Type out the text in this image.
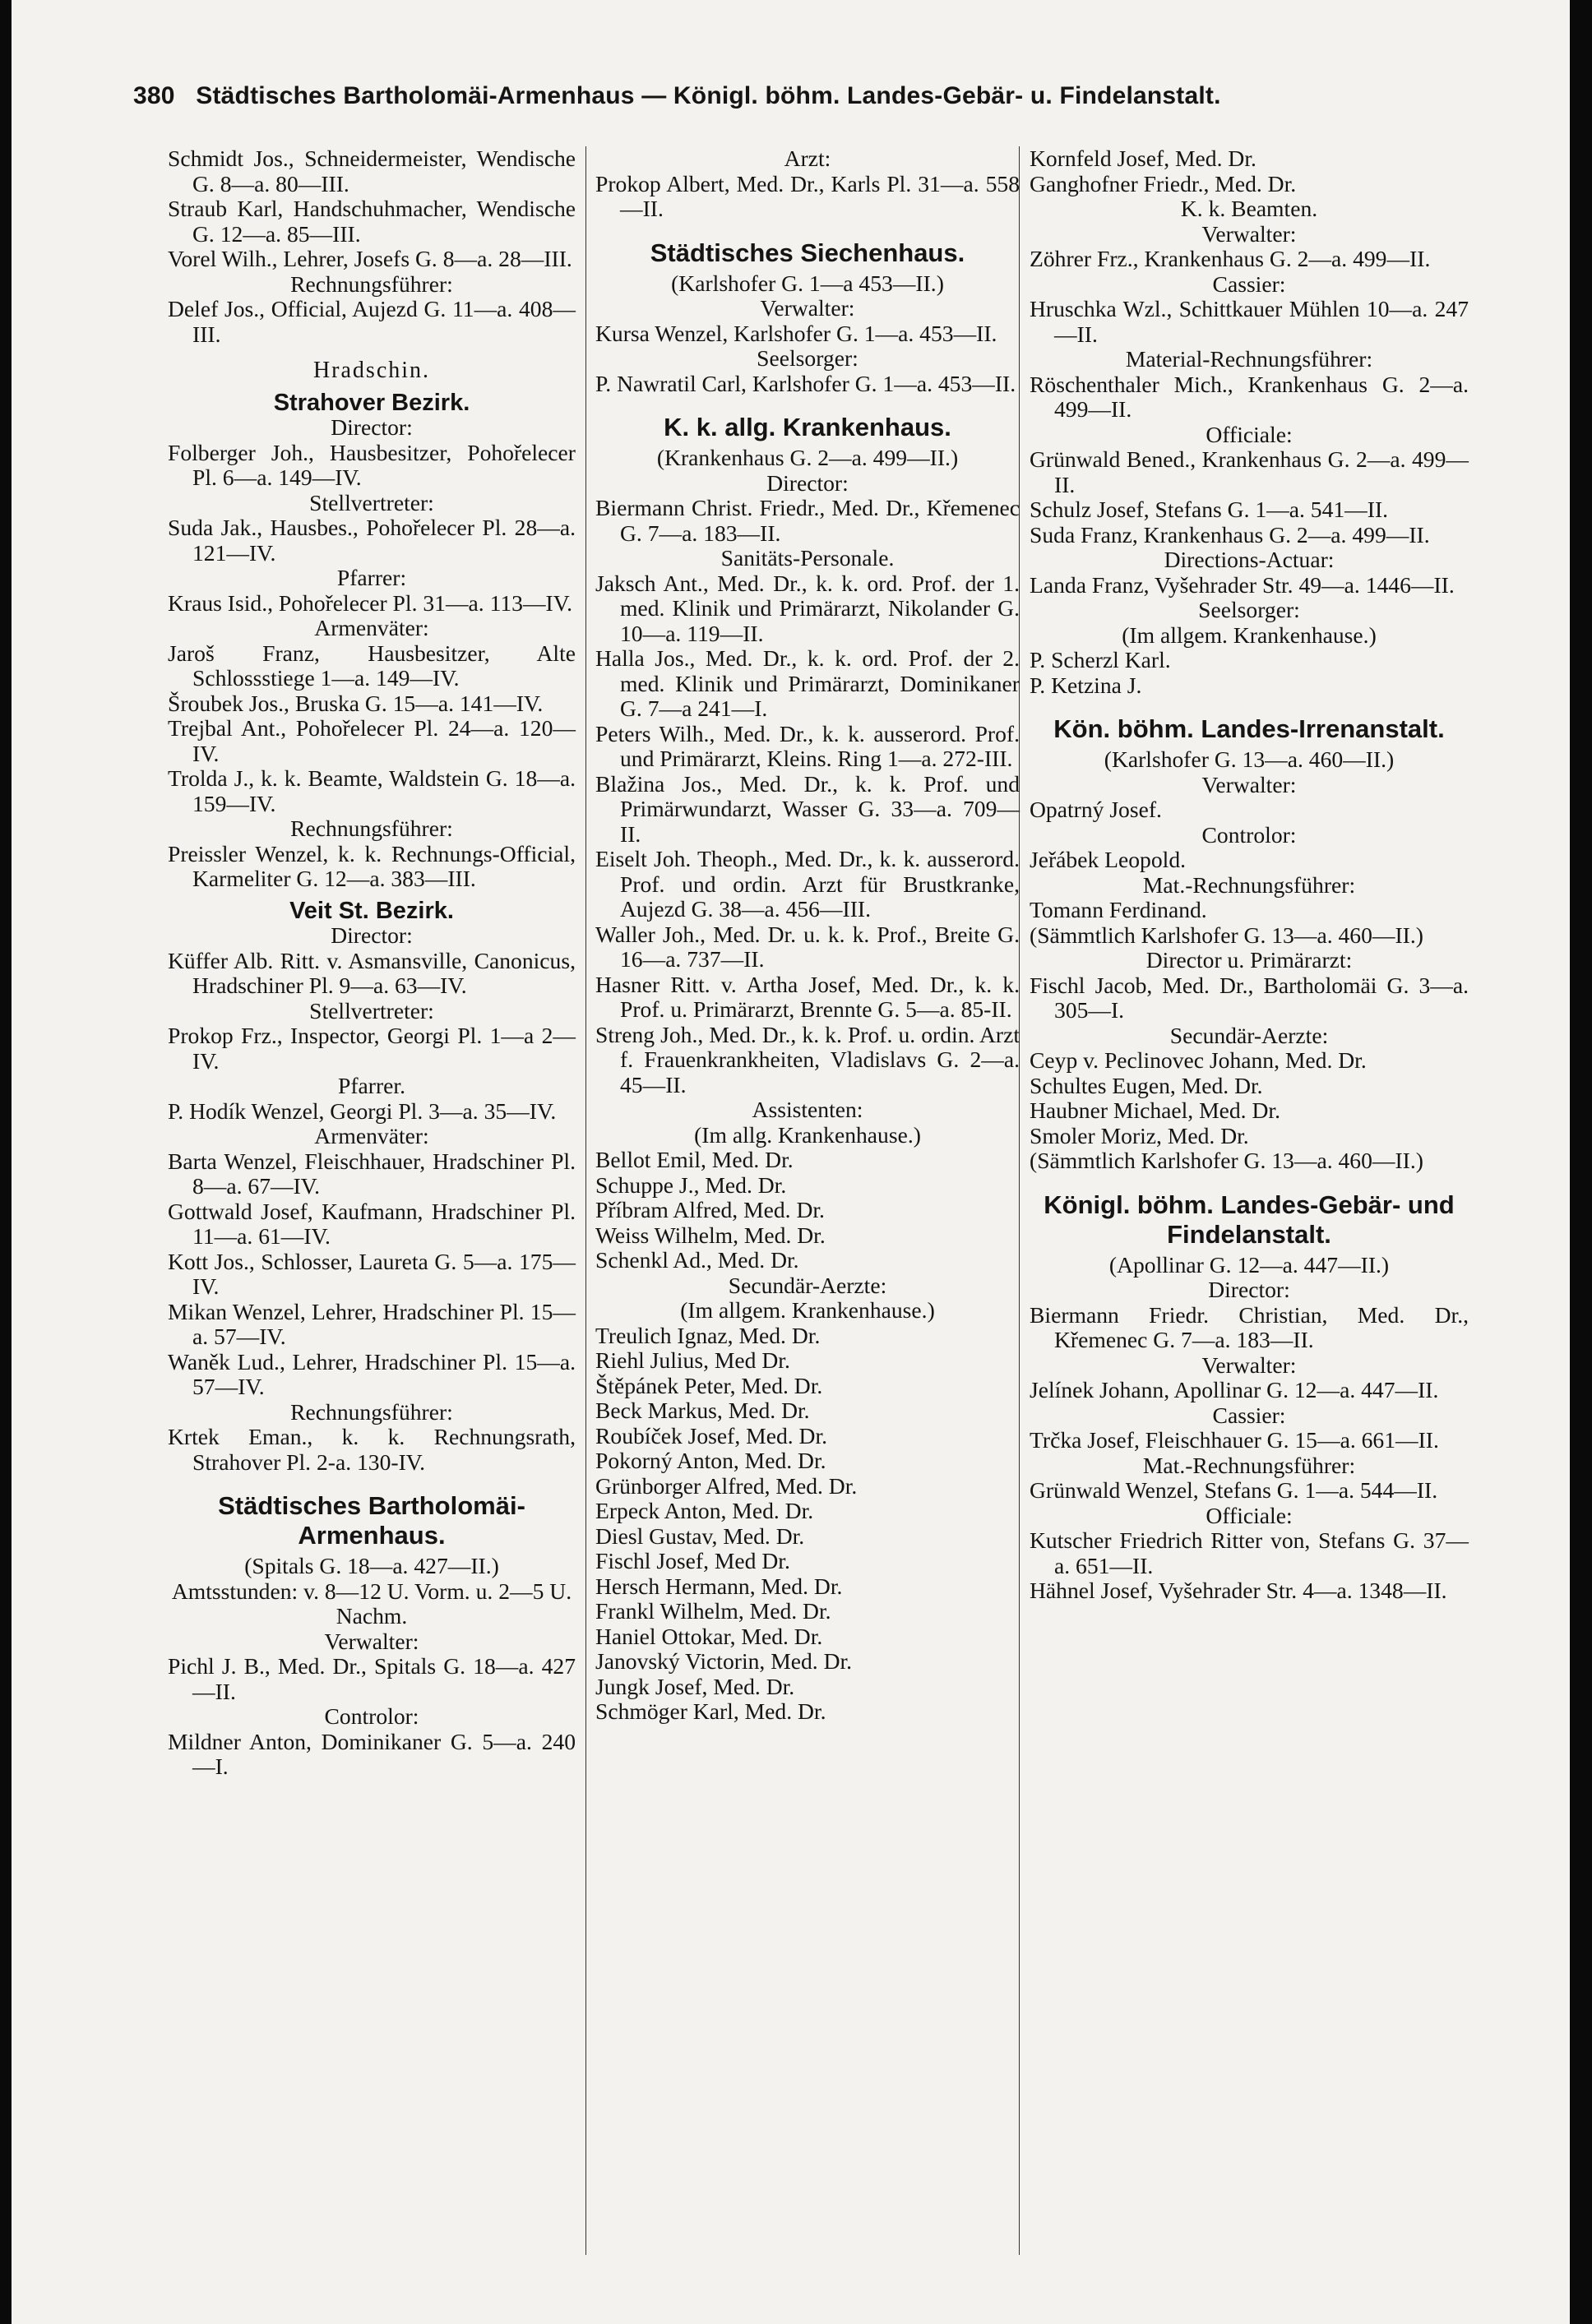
380 Städtisches Bartholomäi-Armenhaus — Königl. böhm. Landes-Gebär- u. Findelanstalt.
Schmidt Jos., Schneidermeister, Wendische G. 8—a. 80—III.
Straub Karl, Handschuhmacher, Wendische G. 12—a. 85—III.
Vorel Wilh., Lehrer, Josefs G. 8—a. 28—III.
Rechnungsführer:
Delef Jos., Official, Aujezd G. 11—a. 408—III.
Hradschin.
Strahover Bezirk.
Director:
Folberger Joh., Hausbesitzer, Pohořelecer Pl. 6—a. 149—IV.
Stellvertreter:
Suda Jak., Hausbes., Pohořelecer Pl. 28—a. 121—IV.
Pfarrer:
Kraus Isid., Pohořelecer Pl. 31—a. 113—IV.
Armenväter:
Jaroš Franz, Hausbesitzer, Alte Schlossstiege 1—a. 149—IV.
Šroubek Jos., Bruska G. 15—a. 141—IV.
Trejbal Ant., Pohořelecer Pl. 24—a. 120—IV.
Trolda J., k. k. Beamte, Waldstein G. 18—a. 159—IV.
Rechnungsführer:
Preissler Wenzel, k. k. Rechnungs-Official, Karmeliter G. 12—a. 383—III.
Veit St. Bezirk.
Director:
Küffer Alb. Ritt. v. Asmansville, Canonicus, Hradschiner Pl. 9—a. 63—IV.
Stellvertreter:
Prokop Frz., Inspector, Georgi Pl. 1—a 2—IV.
Pfarrer.
P. Hodík Wenzel, Georgi Pl. 3—a. 35—IV.
Armenväter:
Barta Wenzel, Fleischhauer, Hradschiner Pl. 8—a. 67—IV.
Gottwald Josef, Kaufmann, Hradschiner Pl. 11—a. 61—IV.
Kott Jos., Schlosser, Laureta G. 5—a. 175—IV.
Mikan Wenzel, Lehrer, Hradschiner Pl. 15—a. 57—IV.
Waněk Lud., Lehrer, Hradschiner Pl. 15—a. 57—IV.
Rechnungsführer:
Krtek Eman., k. k. Rechnungsrath, Strahover Pl. 2-a. 130-IV.
Städtisches Bartholomäi-Armenhaus.
(Spitals G. 18—a. 427—II.)
Amtsstunden: v. 8—12 U. Vorm. u. 2—5 U. Nachm.
Verwalter:
Pichl J. B., Med. Dr., Spitals G. 18—a. 427—II.
Controlor:
Mildner Anton, Dominikaner G. 5—a. 240—I.
Arzt:
Prokop Albert, Med. Dr., Karls Pl. 31—a. 558—II.
Städtisches Siechenhaus.
(Karlshofer G. 1—a 453—II.)
Verwalter:
Kursa Wenzel, Karlshofer G. 1—a. 453—II.
Seelsorger:
P. Nawratil Carl, Karlshofer G. 1—a. 453—II.
K. k. allg. Krankenhaus.
(Krankenhaus G. 2—a. 499—II.)
Director:
Biermann Christ. Friedr., Med. Dr., Křemenec G. 7—a. 183—II.
Sanitäts-Personale.
Jaksch Ant., Med. Dr., k. k. ord. Prof. der 1. med. Klinik und Primärarzt, Nikolander G. 10—a. 119—II.
Halla Jos., Med. Dr., k. k. ord. Prof. der 2. med. Klinik und Primärarzt, Dominikaner G. 7—a 241—I.
Peters Wilh., Med. Dr., k. k. ausserord. Prof. und Primärarzt, Kleins. Ring 1—a. 272-III.
Blažina Jos., Med. Dr., k. k. Prof. und Primärwundarzt, Wasser G. 33—a. 709—II.
Eiselt Joh. Theoph., Med. Dr., k. k. ausserord. Prof. und ordin. Arzt für Brustkranke, Aujezd G. 38—a. 456—III.
Waller Joh., Med. Dr. u. k. k. Prof., Breite G. 16—a. 737—II.
Hasner Ritt. v. Artha Josef, Med. Dr., k. k. Prof. u. Primärarzt, Brennte G. 5—a. 85-II.
Streng Joh., Med. Dr., k. k. Prof. u. ordin. Arzt f. Frauenkrankheiten, Vladislavs G. 2—a. 45—II.
Assistenten:
(Im allg. Krankenhause.)
Bellot Emil, Med. Dr.
Schuppe J., Med. Dr.
Příbram Alfred, Med. Dr.
Weiss Wilhelm, Med. Dr.
Schenkl Ad., Med. Dr.
Secundär-Aerzte:
(Im allgem. Krankenhause.)
Treulich Ignaz, Med. Dr.
Riehl Julius, Med Dr.
Štěpánek Peter, Med. Dr.
Beck Markus, Med. Dr.
Roubíček Josef, Med. Dr.
Pokorný Anton, Med. Dr.
Grünborger Alfred, Med. Dr.
Erpeck Anton, Med. Dr.
Diesl Gustav, Med. Dr.
Fischl Josef, Med Dr.
Hersch Hermann, Med. Dr.
Frankl Wilhelm, Med. Dr.
Haniel Ottokar, Med. Dr.
Janovský Victorin, Med. Dr.
Jungk Josef, Med. Dr.
Schmöger Karl, Med. Dr.
Kornfeld Josef, Med. Dr.
Ganghofner Friedr., Med. Dr.
K. k. Beamten.
Verwalter:
Zöhrer Frz., Krankenhaus G. 2—a. 499—II.
Cassier:
Hruschka Wzl., Schittkauer Mühlen 10—a. 247—II.
Material-Rechnungsführer:
Röschenthaler Mich., Krankenhaus G. 2—a. 499—II.
Officiale:
Grünwald Bened., Krankenhaus G. 2—a. 499—II.
Schulz Josef, Stefans G. 1—a. 541—II.
Suda Franz, Krankenhaus G. 2—a. 499—II.
Directions-Actuar:
Landa Franz, Vyšehrader Str. 49—a. 1446—II.
Seelsorger:
(Im allgem. Krankenhause.)
P. Scherzl Karl.
P. Ketzina J.
Kön. böhm. Landes-Irrenanstalt.
(Karlshofer G. 13—a. 460—II.)
Verwalter:
Opatrný Josef.
Controlor:
Jeřábek Leopold.
Mat.-Rechnungsführer:
Tomann Ferdinand.
(Sämmtlich Karlshofer G. 13—a. 460—II.)
Director u. Primärarzt:
Fischl Jacob, Med. Dr., Bartholomäi G. 3—a. 305—I.
Secundär-Aerzte:
Ceyp v. Peclinovec Johann, Med. Dr.
Schultes Eugen, Med. Dr.
Haubner Michael, Med. Dr.
Smoler Moriz, Med. Dr.
(Sämmtlich Karlshofer G. 13—a. 460—II.)
Königl. böhm. Landes-Gebär- und Findelanstalt.
(Apollinar G. 12—a. 447—II.)
Director:
Biermann Friedr. Christian, Med. Dr., Křemenec G. 7—a. 183—II.
Verwalter:
Jelínek Johann, Apollinar G. 12—a. 447—II.
Cassier:
Trčka Josef, Fleischhauer G. 15—a. 661—II.
Mat.-Rechnungsführer:
Grünwald Wenzel, Stefans G. 1—a. 544—II.
Officiale:
Kutscher Friedrich Ritter von, Stefans G. 37—a. 651—II.
Hähnel Josef, Vyšehrader Str. 4—a. 1348—II.
